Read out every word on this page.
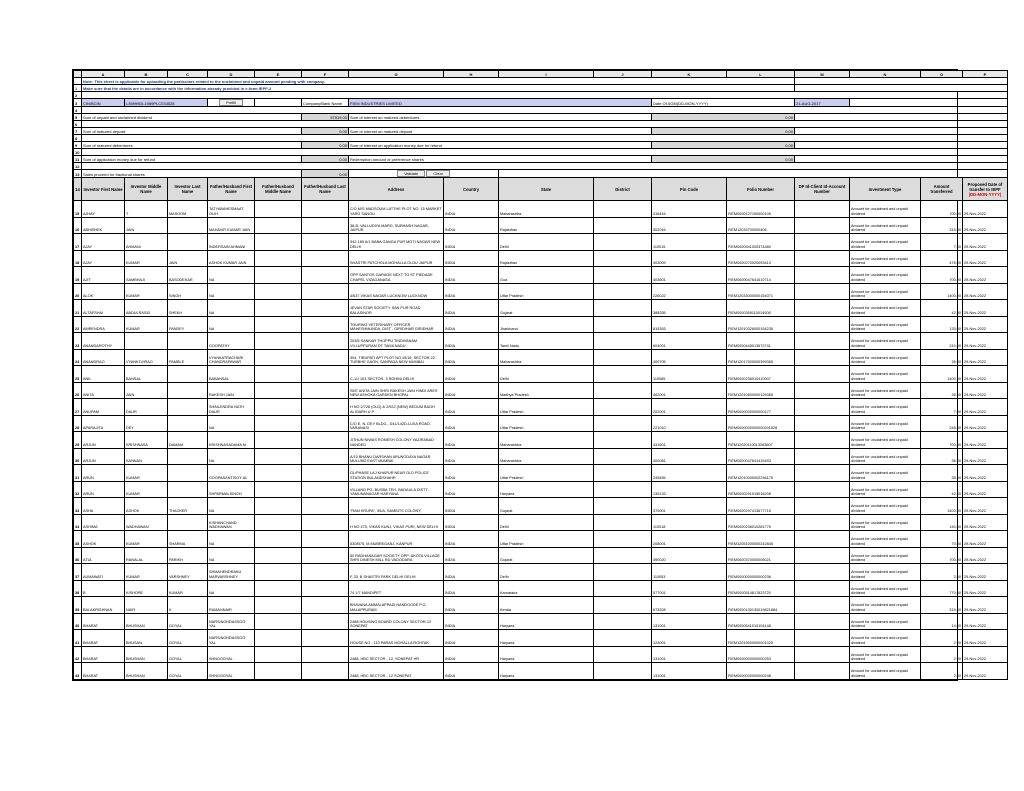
	A	B	C	D	E	F	G	H	I	J	K	L	M	N	O	P
	Note: This sheet is applicable for uploading the particulars related to the unclaimed and unpaid amount pending with company.															
1	Make sure that the details are in accordance with the information already provided in e-form IEPF-2															
2																
3	CIN/BCIN	L36999DL1989PLC034528		Prefill		Company/Bank Name	FIEM INDUSTRIES LIMITED				Date Of AGM(DD-MON-YYYY)		21-AUG-2017			
4																
5	Sum of unpaid and unclaimed dividend					57519.00	Sum of interest on matured debentures				0.00					
6																
7	Sum of matured deposit					0.00	Sum of interest on matured deposit				0.00					
8																
9	Sum of matured debentures					0.00	Sum of interest on application money due for refund				0.00					
10																
11	Sum of application money due for refund					0.00	Redemption amount of preference shares				0.00					
12																
13	Sales proceed for fractional shares					0.00	Validate Clear									
14	Investor First Name	Investor Middle Name	Investor Last Name	Father/Husband First Name	Father/Husband Middle Name	Father/Husband Last Name	Address	Country	State	District	Pin Code	Folio Number	DP Id-Client Id-Account Number	Investment Type	Amount transferred	Proposed Date of transfer to IEPF
(DD-MON-YYYY)
15	AJHAY	T	MASOOM	TATYABAHESMAAT OLIH			C/O M/S MADSOUM LATTHE PLOT NO. 15 MARKET YARD SANGLI	INDIA	Maharashtra		416416	FIEM0000127150000105		Amount for unclaimed and unpaid dividend	700.00	29-Nov-2022
16	ABHISHEK	JAIN		MAHAVIR KUMAR JAIN			38-B, VALLUDIYA MARG, SUBHASH NAGAR, JAIPUR	INDIA	Rajasthan		302016	FIEM12033700000406		Amount for unclaimed and unpaid dividend	315.00	29-Nov-2022
17	AJAY	AHMANI		INDERSAIN AHMANI			942-189 A/1 BABA GANGA PUR MOTI NAGAR NEW DELHI	INDIA	Delhi		110015	FIEM0000541000374480		Amount for unclaimed and unpaid dividend	7.00	29-Nov-2022
18	AJAY	KUMAR	JAIN	ASHOK KUMAR JAIN			SHASTRI PATCHOLA MOHALLA OLDU JAIPUR	INDIA	Rajasthan		303009	FIEM0000270020093413		Amount for unclaimed and unpaid dividend	476.00	29-Nov-2022
19	AJIT	SAMBHAJI	BASODEKAR	NA			OPP SANTOS GARAGE NEXT TO ST PIEDADE CHAPEL VIZAGANASA	INDIA	Goa		403601	FIEM0000047641610714		Amount for unclaimed and unpaid dividend	700.00	29-Nov-2022
20	ALOK	KUMAR	SINGH	NA			4/637 VIKAS NAGAR LUCKNOW LUCKNOW	INDIA	Uttar Pradesh		226022	FIEM12033000000154071		Amount for unclaimed and unpaid dividend	1400.00	29-Nov-2022
21	ALTAFSHAI	ABDULRASID	SHEKH	NA			JEVAN STAR SOCIETY SAN PUR ROAD BALASINOR	INDIA	Gujarat		388255	FIEM0000359110014008		Amount for unclaimed and unpaid dividend	42.00	29-Nov-2022
22	AMRENDRA	KUMAR	PANDEY	NA			TOURING VETERINARY OFFICER MAHESHMUNDA, DIST - GIRIDIHAR GIRIDHAR	INDIA	Jharkhand		815353	FIEM12010326000154235		Amount for unclaimed and unpaid dividend	133.00	29-Nov-2022
23	ANANDAROTHY			GOOPATHY			203/5 SANKAR THOPPU TINDIVANAM VILLUPPURAM DT TAMILNADU	INDIA	Tamil Nadu		604001	FIEM0000445013672741		Amount for unclaimed and unpaid dividend	210.00	29-Nov-2022
24	ANANDRAO	VYANKOJIRAO	PAMBLE	VYANKATRACHARI CHANDRAPAWAR			304, TIRUPATI APT PLOT NO.15/16, SECTOR-22 TURBHE GAON, SANPADA NEW MUMBAI	INDIA	Maharashtra		400705	FIEM12017500000399365		Amount for unclaimed and unpaid dividend	36.00	29-Nov-2022
25	ANIL	BANSAL		BABANSAL			C-11/ 103 SECTOR- 3 ROHINI DELHI	INDIA	Delhi		110085	FIEM0000236010410007		Amount for unclaimed and unpaid dividend	1400.00	29-Nov-2022
26	ANITA	JAIN		RAKESH JAIN			SMT ANITA JAIN SHRI RAKESH JAIN HINDI ARES NEW ASHOKA GARDEN BHOPAL	INDIA	Madhya Pradesh		462001	FIEM12010600000125365		Amount for unclaimed and unpaid dividend	35.00	29-Nov-2022
27	ANUPAM	DAUR		SHAILENDRA NATH DAUR			H NO 2/728 (OLD) & 2/922 (NEW) BEGUM BAGH ALIGARH U P	INDIA	Uttar Pradesh		202001	FIEM0000000000000177		Amount for unclaimed and unpaid dividend	7.00	29-Nov-2022
28	APARAJITA	DEY		NA			C/O E. N. DEY BLDG., D41/142D-LUXA ROAD, VARANASI	INDIA	Uttar Pradesh		221010	FIEM0000000000000201528		Amount for unclaimed and unpaid dividend	245.00	29-Nov-2022
29	ARJUN	KRISHNASA	DAMAM	KRISHNASADAMA M			JITHUN NIWAS ROMESH COLONY VAZIRABAD NANDED	INDIA	Maharashtra		431601	FIEM12020110013263607		Amount for unclaimed and unpaid dividend	700.00	29-Nov-2022
30	ARJUN	KANNAN		NA			A/10 BHANU DARSHAN ARUNODAYA NAGAR MULUND EAST MUMBAI	INDIA	Maharashtra		400081	FIEM0000047641415493		Amount for unclaimed and unpaid dividend	36.00	29-Nov-2022
31	ARUN	KUMAR		GOOPASANTISOY AL			GL/PHASE LAJ KHAPUR NEAR OLD POLICE STATION BULANDSHAHR	INDIA	Uttar Pradesh		245455	FIEM12010000002236175		Amount for unclaimed and unpaid dividend	35.00	29-Nov-2022
32	ARUN	KUMAR		SHPARMALSINGH			VILLAND PO- BUSBA TEH- BADAULA DISTT- YAMUNANAGAR HARYANA	INDIA	Haryana		135133	FIEM0000291015016208		Amount for unclaimed and unpaid dividend	42.00	29-Nov-2022
33	ASHA	ASHOK	THACKER	NA			"RAM KRUPA", 55/A, SAMBITS COLONY,	INDIA	Gujarat		370001	FIEM0000297413677715		Amount for unclaimed and unpaid dividend	1400.00	29-Nov-2022
34	ASHIMA	WADHAWAN		KISHANCHAND WADHAWAN			H NO 475, VIKAS KUNJ, VIKAS PURI, NEW DELHI	INDIA	Delhi		110018	FIEM0000236010281775		Amount for unclaimed and unpaid dividend	140.00	29-Nov-2022
35	ASHOK	KUMAR	SHARMA	NA			530/B75, M MUBREGANJ, KANPUR	INDIA	Uttar Pradesh		208001	FIEM12051000000242845		Amount for unclaimed and unpaid dividend	70.00	29-Nov-2022
36	ATUL	RANALAL	PARIKH	NA			50 RADHANAGAR SOCIETY OPP: AKOTA VILLAGE SHRI DINESH MILL RD VADODARA	INDIA	Gujarat		390020	FIEM0000370000005021		Amount for unclaimed and unpaid dividend	700.00	29-Nov-2022
37	AUMAWATI	KUMAR	VARSHNEY	SHMAHENDRAKU MARVARSHNEY			F-33, B SHASTRI PARK DELHI DELHI	INDIA	Delhi		110053	FIEM0000000000000236		Amount for unclaimed and unpaid dividend	2.00	29-Nov-2022
38	B	KISHORE	KUMAR	NA			74 1/7 MANDIPET	INDIA	Karnataka		577001	FIEM0000514817823720		Amount for unclaimed and unpaid dividend	770.00	29-Nov-2022
39	BALAKRISHNAN	NAIR	K	RAMANNAIR			BHAVANA AMMALAPPADI NANDOODE P.O. MALAPPURAM	INDIA	Kerala		673328	FIEM0000130130019821884		Amount for unclaimed and unpaid dividend	315.00	29-Nov-2022
40	BHARAT	BHUSHAN	GOYAL	NARSINGHDASSGO YAL			2488 HOUSING BOARD COLONY SECTOR-12 SONEPAT	INDIA	Haryana		131001	FIEM0000541010104148		Amount for unclaimed and unpaid dividend	14.00	29-Nov-2022
41	BHARAT	BHUSAN	GOYAL	NARSINGHDASSGO YAL			HOUSE NO - 110 PARAS MOHALLA ROHTAK	INDIA	Haryana		124001	FIEM12019000000001025		Amount for unclaimed and unpaid dividend	2.00	29-Nov-2022
42	BHARAT	BHUSHAN	GOYAL	SHNGGOYAL			2488, HBC SECTOR - 12, SONEPAT HR	INDIA	Haryana		131001	FIEM0000000000000253		Amount for unclaimed and unpaid dividend	2.00	29-Nov-2022
43	BHARAT	BHUSHAN	GOYAL	SHNGGOYAL			2488, HBC SECTOR - 12 SONEPAT	INDIA	Haryana		131001	FIEM0000000000000248		Amount for unclaimed and unpaid dividend	2.00	29-Nov-2022
